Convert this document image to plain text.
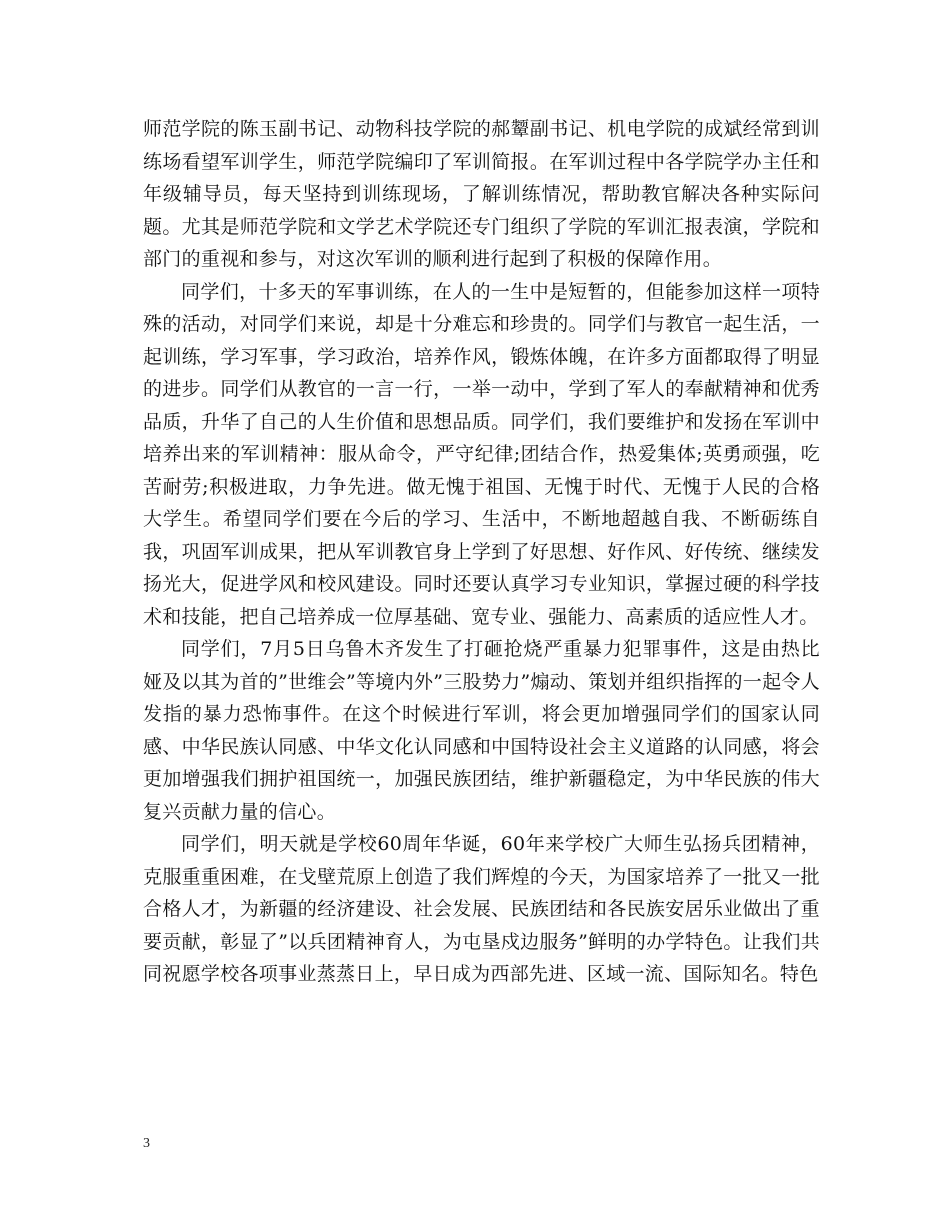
师范学院的陈玉副书记、动物科技学院的郝颦副书记、机电学院的成斌经常到训练场看望军训学生，师范学院编印了军训简报。在军训过程中各学院学办主任和年级辅导员，每天坚持到训练现场，了解训练情况，帮助教官解决各种实际问题。尤其是师范学院和文学艺术学院还专门组织了学院的军训汇报表演，学院和部门的重视和参与，对这次军训的顺利进行起到了积极的保障作用。

同学们，十多天的军事训练，在人的一生中是短暂的，但能参加这样一项特殊的活动，对同学们来说，却是十分难忘和珍贵的。同学们与教官一起生活，一起训练，学习军事，学习政治，培养作风，锻炼体魄，在许多方面都取得了明显的进步。同学们从教官的一言一行，一举一动中，学到了军人的奉献精神和优秀品质，升华了自己的人生价值和思想品质。同学们，我们要维护和发扬在军训中培养出来的军训精神：服从命令，严守纪律;团结合作，热爱集体;英勇顽强，吃苦耐劳;积极进取，力争先进。做无愧于祖国、无愧于时代、无愧于人民的合格大学生。希望同学们要在今后的学习、生活中，不断地超越自我、不断砺练自我，巩固军训成果，把从军训教官身上学到了好思想、好作风、好传统、继续发扬光大，促进学风和校风建设。同时还要认真学习专业知识，掌握过硬的科学技术和技能，把自己培养成一位厚基础、宽专业、强能力、高素质的适应性人才。

同学们，7月5日乌鲁木齐发生了打砸抢烧严重暴力犯罪事件，这是由热比娅及以其为首的”世维会”等境内外”三股势力”煽动、策划并组织指挥的一起令人发指的暴力恐怖事件。在这个时候进行军训，将会更加增强同学们的国家认同感、中华民族认同感、中华文化认同感和中国特设社会主义道路的认同感，将会更加增强我们拥护祖国统一，加强民族团结，维护新疆稳定，为中华民族的伟大复兴贡献力量的信心。

同学们，明天就是学校60周年华诞，60年来学校广大师生弘扬兵团精神，克服重重困难，在戈壁荒原上创造了我们辉煌的今天，为国家培养了一批又一批合格人才，为新疆的经济建设、社会发展、民族团结和各民族安居乐业做出了重要贡献，彰显了”以兵团精神育人，为屯垦戍边服务”鲜明的办学特色。让我们共同祝愿学校各项事业蒸蒸日上，早日成为西部先进、区域一流、国际知名。特色

3
